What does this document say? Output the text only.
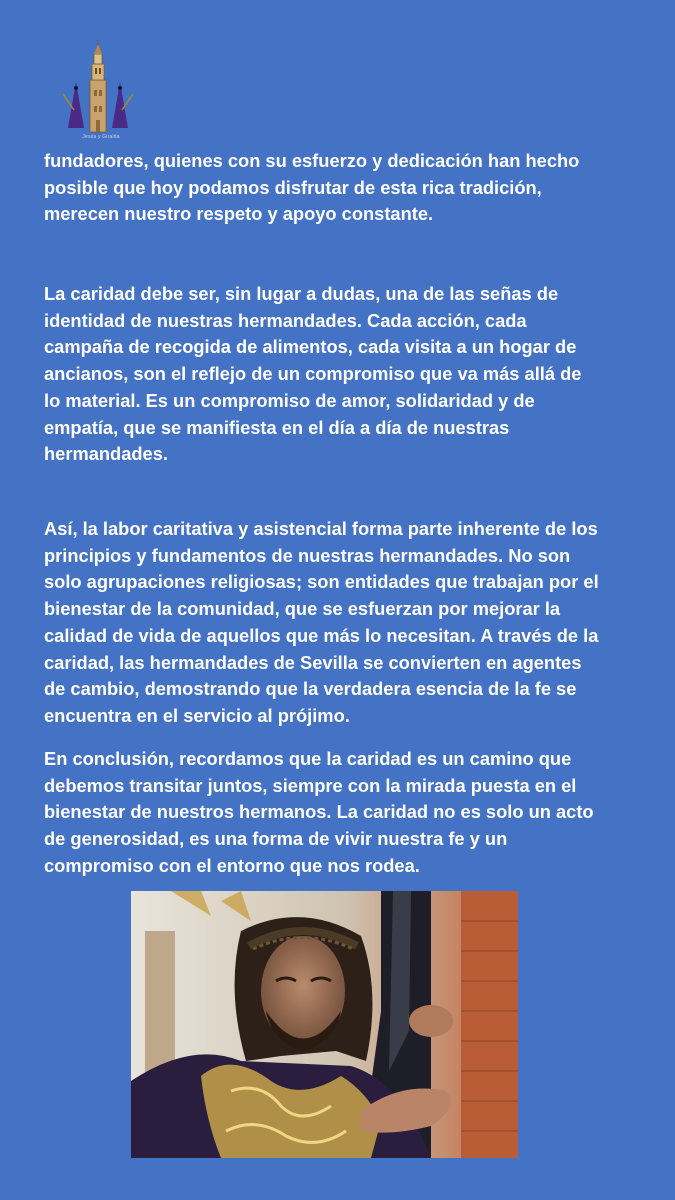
Jesús y Giralda

fundadores, quienes con su esfuerzo y dedicación han hecho
posible que hoy podamos disfrutar de esta rica tradición,
merecen nuestro respeto y apoyo constante.

La caridad debe ser, sin lugar a dudas, una de las señas de
identidad de nuestras hermandades. Cada acción, cada
campaña de recogida de alimentos, cada visita a un hogar de
ancianos, son el reflejo de un compromiso que va más allá de
lo material. Es un compromiso de amor, solidaridad y de
empatía, que se manifiesta en el día a día de nuestras
hermandades.

Así, la labor caritativa y asistencial forma parte inherente de los
principios y fundamentos de nuestras hermandades. No son
solo agrupaciones religiosas; son entidades que trabajan por el
bienestar de la comunidad, que se esfuerzan por mejorar la
calidad de vida de aquellos que más lo necesitan. A través de la
caridad, las hermandades de Sevilla se convierten en agentes
de cambio, demostrando que la verdadera esencia de la fe se
encuentra en el servicio al prójimo.

En conclusión, recordamos que la caridad es un camino que
debemos transitar juntos, siempre con la mirada puesta en el
bienestar de nuestros hermanos. La caridad no es solo un acto
de generosidad, es una forma de vivir nuestra fe y un
compromiso con el entorno que nos rodea.
